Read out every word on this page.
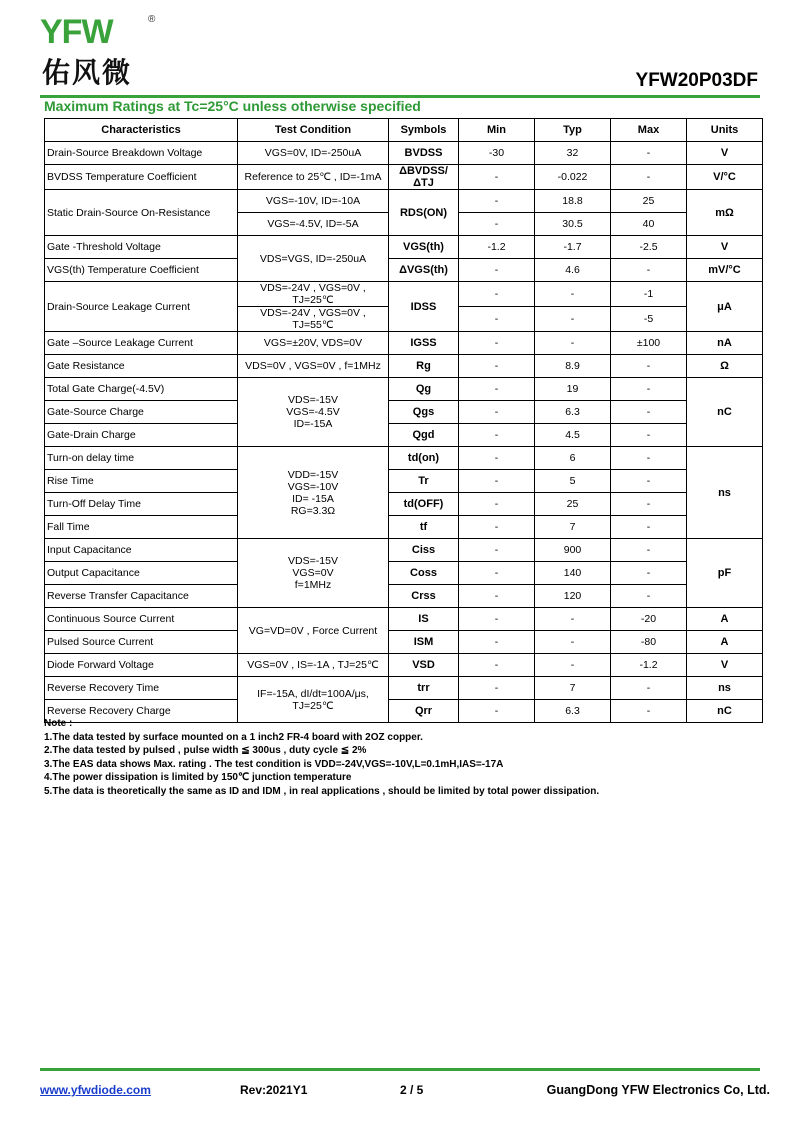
YFW	®
佑风微	YFW20P03DF
Maximum Ratings at Tc=25°C unless otherwise specified
Characteristics	Test Condition	Symbols	Min	Typ	Max	Units
Drain-Source Breakdown Voltage	VGS=0V, ID=-250uA	BVDSS	-30	32	-	V
BVDSS Temperature Coefficient	Reference to 25℃ , ID=-1mA	ΔBVDSS/ΔTJ	-	-0.022	-	V/°C
Static Drain-Source On-Resistance	VGS=-10V, ID=-10A	RDS(ON)	-	18.8	25	mΩ
	VGS=-4.5V, ID=-5A		-	30.5	40	
Gate -Threshold Voltage	VDS=VGS, ID=-250uA	VGS(th)	-1.2	-1.7	-2.5	V
VGS(th) Temperature Coefficient		ΔVGS(th)	-	4.6	-	mV/°C
Drain-Source Leakage Current	VDS=-24V , VGS=0V , TJ=25℃	IDSS	-	-	-1	μA
	VDS=-24V , VGS=0V , TJ=55℃		-	-	-5	
Gate –Source Leakage Current	VGS=±20V, VDS=0V	IGSS	-	-	±100	nA
Gate Resistance	VDS=0V , VGS=0V , f=1MHz	Rg	-	8.9	-	Ω
Total Gate Charge(-4.5V)	VDS=-15V
VGS=-4.5V
ID=-15A	Qg	-	19	-	nC
Gate-Source Charge		Qgs	-	6.3	-	
Gate-Drain Charge		Qgd	-	4.5	-	
Turn-on delay time	VDD=-15V
VGS=-10V
ID= -15A
RG=3.3Ω	td(on)	-	6	-	ns
Rise Time		Tr	-	5	-	
Turn-Off Delay Time		td(OFF)	-	25	-	
Fall Time		tf	-	7	-	
Input Capacitance	VDS=-15V
VGS=0V
f=1MHz	Ciss	-	900	-	pF
Output Capacitance		Coss	-	140	-	
Reverse Transfer Capacitance		Crss	-	120	-	
Continuous Source Current	VG=VD=0V , Force Current	IS	-	-	-20	A
Pulsed Source Current		ISM	-	-	-80	A
Diode Forward Voltage	VGS=0V , IS=-1A , TJ=25℃	VSD	-	-	-1.2	V
Reverse Recovery Time	IF=-15A, dI/dt=100A/μs,
TJ=25℃	trr	-	7	-	ns
Reverse Recovery Charge		Qrr	-	6.3	-	nC
Note :
1.The data tested by surface mounted on a 1 inch2 FR-4 board with 2OZ copper.
2.The data tested by pulsed , pulse width ≦ 300us , duty cycle ≦ 2%
3.The EAS data shows Max. rating . The test condition is VDD=-24V,VGS=-10V,L=0.1mH,IAS=-17A
4.The power dissipation is limited by 150℃ junction temperature
5.The data is theoretically the same as ID and IDM , in real applications , should be limited by total power dissipation.
www.yfwdiode.com	Rev:2021Y1	2 / 5	GuangDong YFW Electronics Co, Ltd.
